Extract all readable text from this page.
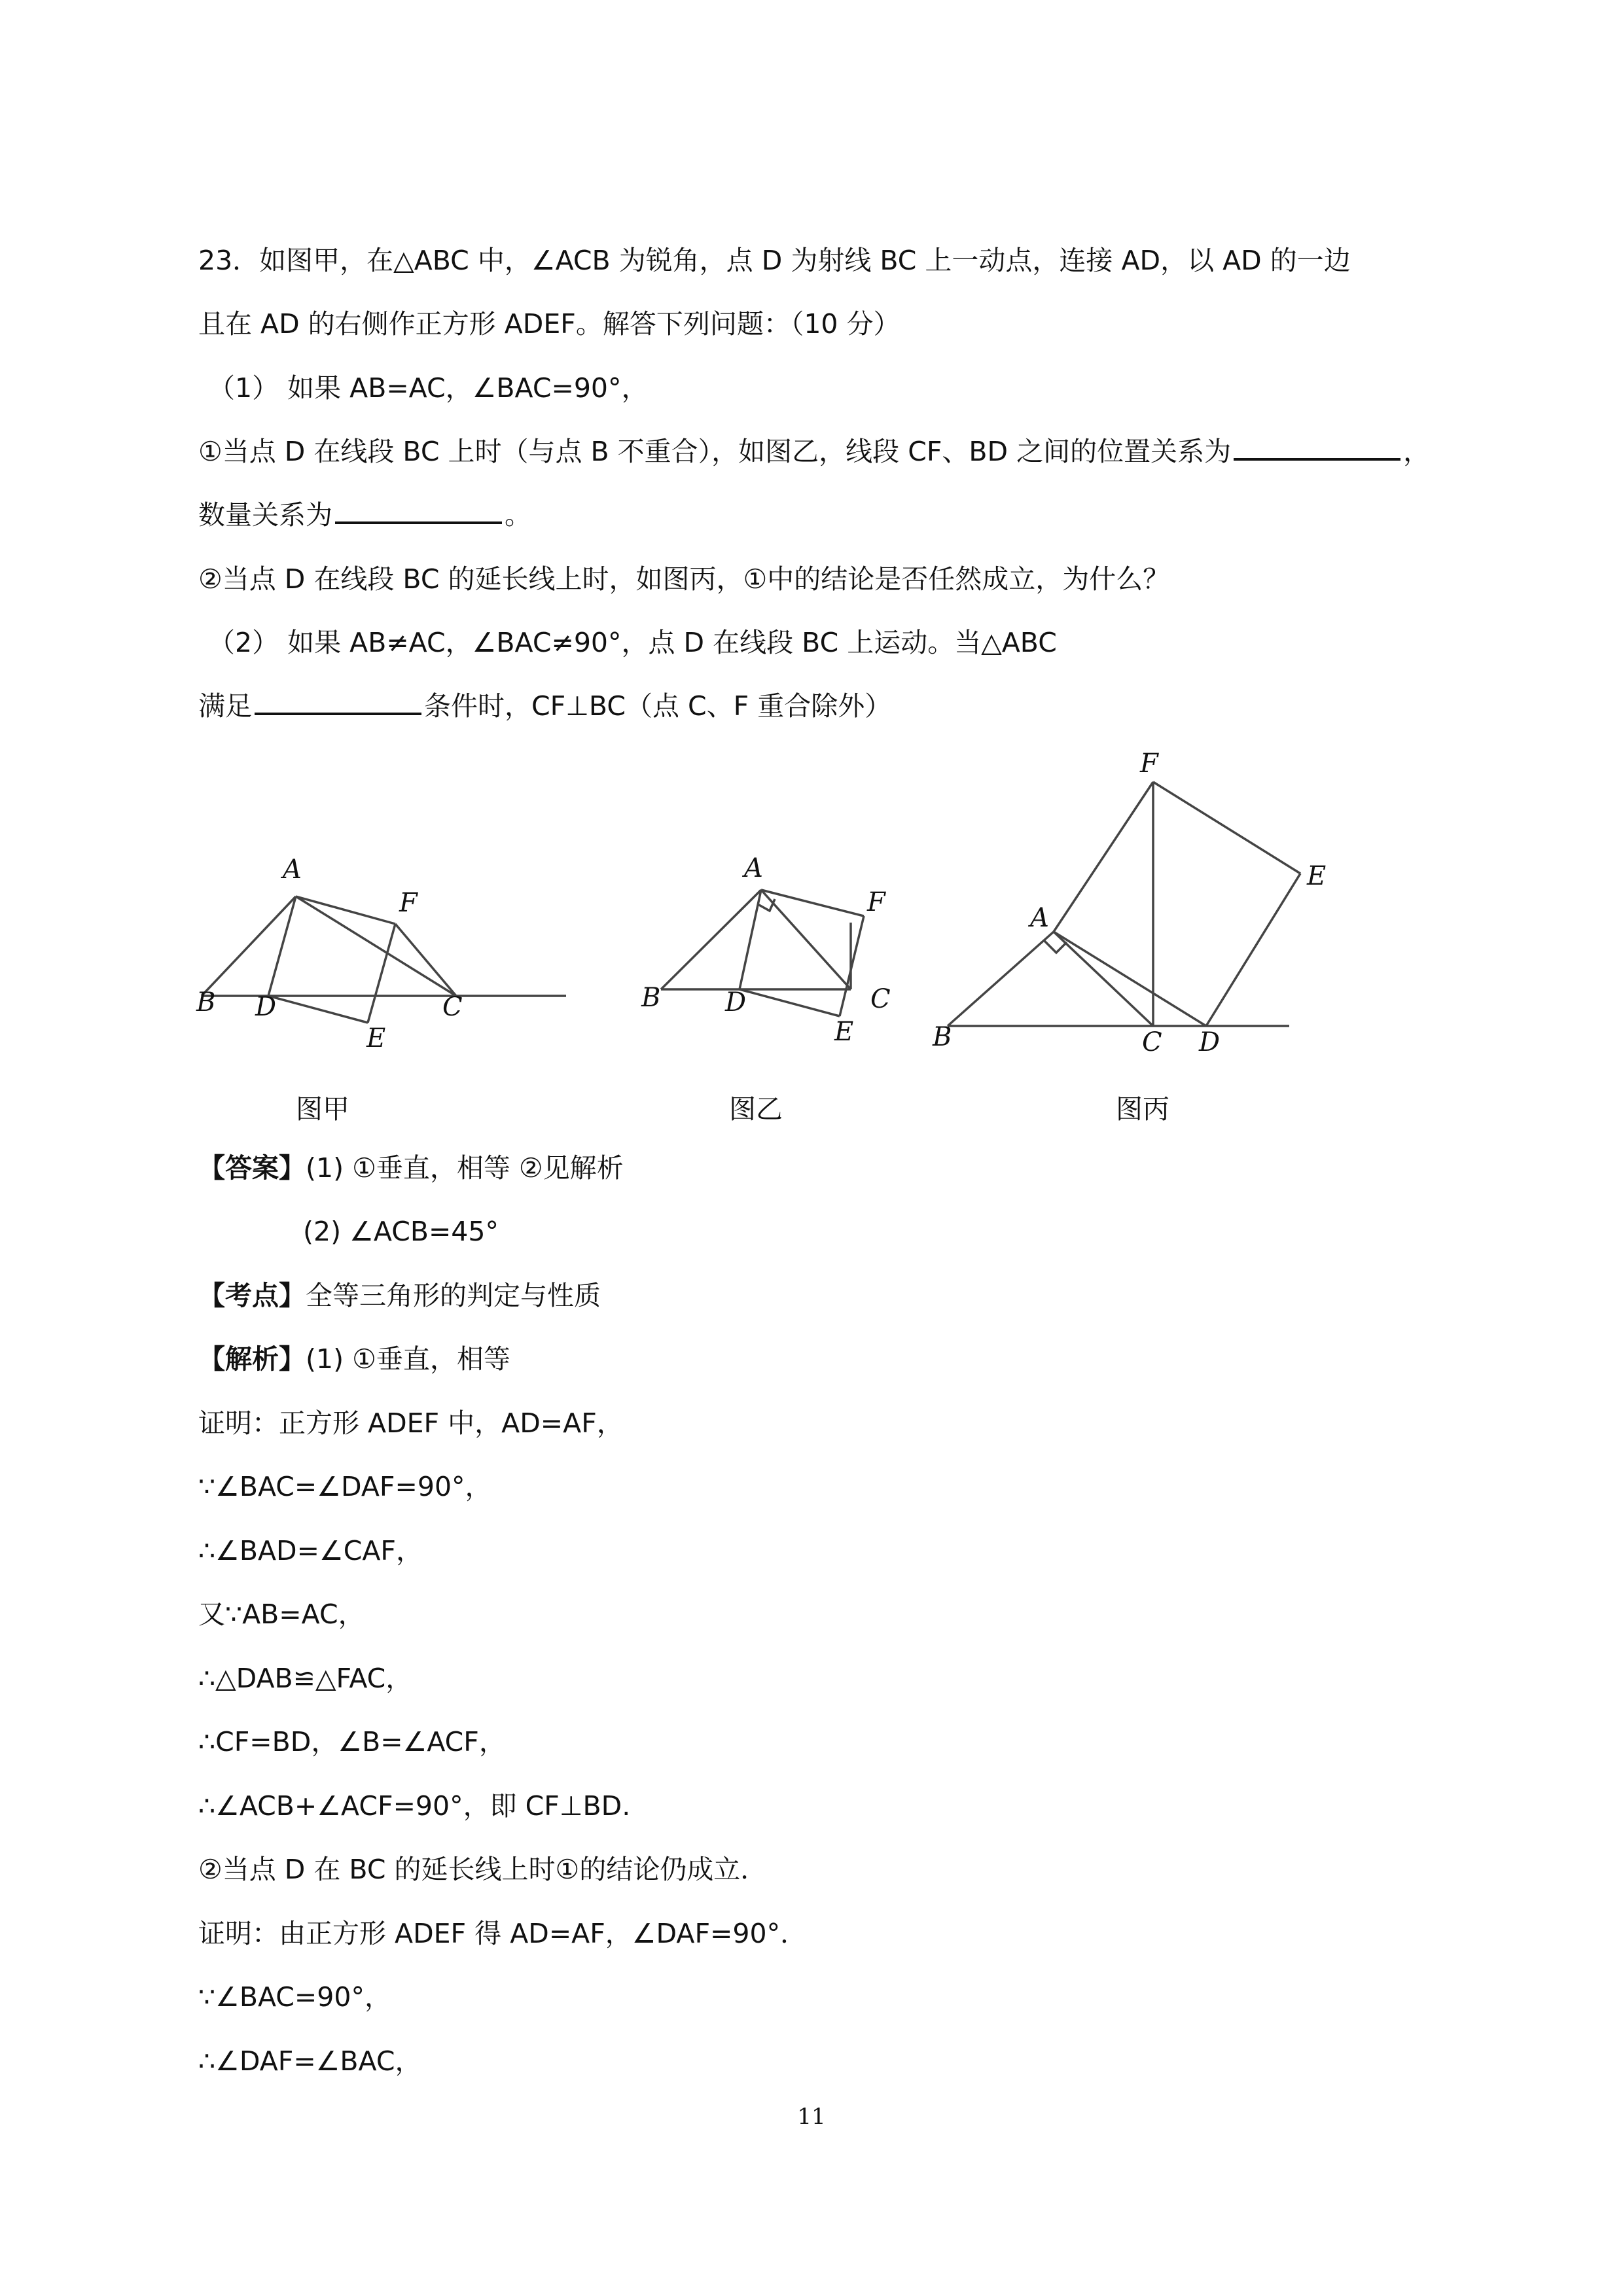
23．如图甲，在△ABC 中，∠ACB 为锐角，点 D 为射线 BC 上一动点，连接 AD，以 AD 的一边
且在 AD 的右侧作正方形 ADEF。解答下列问题：（10 分）
（1） 如果 AB=AC，∠BAC=90°，
①当点 D 在线段 BC 上时（与点 B 不重合），如图乙，线段 CF、BD 之间的位置关系为	，
数量关系为	。
②当点 D 在线段 BC 的延长线上时，如图丙，①中的结论是否任然成立，为什么？
（2） 如果 AB≠AC，∠BAC≠90°，点 D 在线段 BC 上运动。当△ABC
满足	条件时，CF⊥BC（点 C、F 重合除外）
A
B	C
D
E
F
A
B	C
D
E
F
A
B	C D
E
F
图甲	图乙	图丙
【答案】(1) ①垂直，相等 ②见解析
(2) ∠ACB=45°
【考点】全等三角形的判定与性质
【解析】(1) ①垂直，相等
证明：正方形 ADEF 中，AD=AF，
∵∠BAC=∠DAF=90°，
∴∠BAD=∠CAF，
又∵AB=AC，
∴△DAB≌△FAC，
∴CF=BD，∠B=∠ACF，
∴∠ACB+∠ACF=90°，即 CF⊥BD.
②当点 D 在 BC 的延长线上时①的结论仍成立．
证明：由正方形 ADEF 得 AD=AF，∠DAF=90°．
∵∠BAC=90°，
∴∠DAF=∠BAC，
11
